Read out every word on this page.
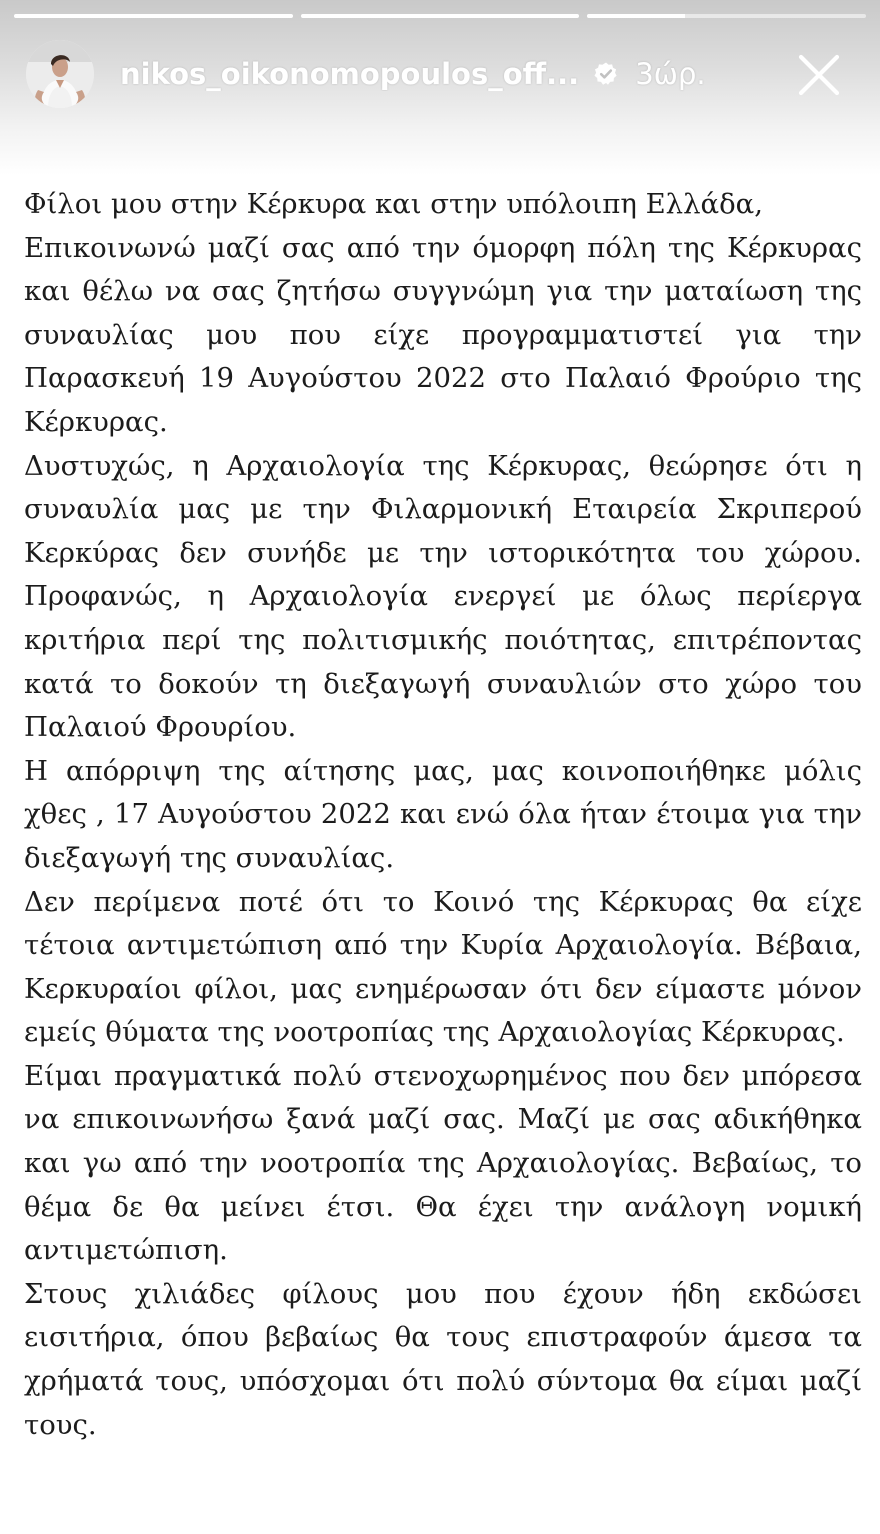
nikos_oikonomopoulos_off... 3ώρ.

Φίλοι μου στην Κέρκυρα και στην υπόλοιπη Ελλάδα,

Επικοινωνώ μαζί σας από την όμορφη πόλη της Κέρκυρας και θέλω να σας ζητήσω συγγνώμη για την ματαίωση της συναυλίας μου που είχε προγραμματιστεί για την Παρασκευή 19 Αυγούστου 2022 στο Παλαιό Φρούριο της Κέρκυρας.

Δυστυχώς, η Αρχαιολογία της Κέρκυρας, θεώρησε ότι η συναυλία μας με την Φιλαρμονική Εταιρεία Σκριπερού Κερκύρας δεν συνήδε με την ιστορικότητα του χώρου. Προφανώς, η Αρχαιολογία ενεργεί με όλως περίεργα κριτήρια περί της πολιτισμικής ποιότητας, επιτρέποντας κατά το δοκούν τη διεξαγωγή συναυλιών στο χώρο του Παλαιού Φρουρίου.

Η απόρριψη της αίτησης μας, μας κοινοποιήθηκε μόλις χθες , 17 Αυγούστου 2022 και ενώ όλα ήταν έτοιμα για την διεξαγωγή της συναυλίας.

Δεν περίμενα ποτέ ότι το Κοινό της Κέρκυρας θα είχε τέτοια αντιμετώπιση από την Κυρία Αρχαιολογία. Βέβαια, Κερκυραίοι φίλοι, μας ενημέρωσαν ότι δεν είμαστε μόνον εμείς θύματα της νοοτροπίας της Αρχαιολογίας Κέρκυρας.

Είμαι πραγματικά πολύ στενοχωρημένος που δεν μπόρεσα να επικοινωνήσω ξανά μαζί σας. Μαζί με σας αδικήθηκα και γω από την νοοτροπία της Αρχαιολογίας. Βεβαίως, το θέμα δε θα μείνει έτσι. Θα έχει την ανάλογη νομική αντιμετώπιση.

Στους χιλιάδες φίλους μου που έχουν ήδη εκδώσει εισιτήρια, όπου βεβαίως θα τους επιστραφούν άμεσα τα χρήματά τους, υπόσχομαι ότι πολύ σύντομα θα είμαι μαζί τους.
